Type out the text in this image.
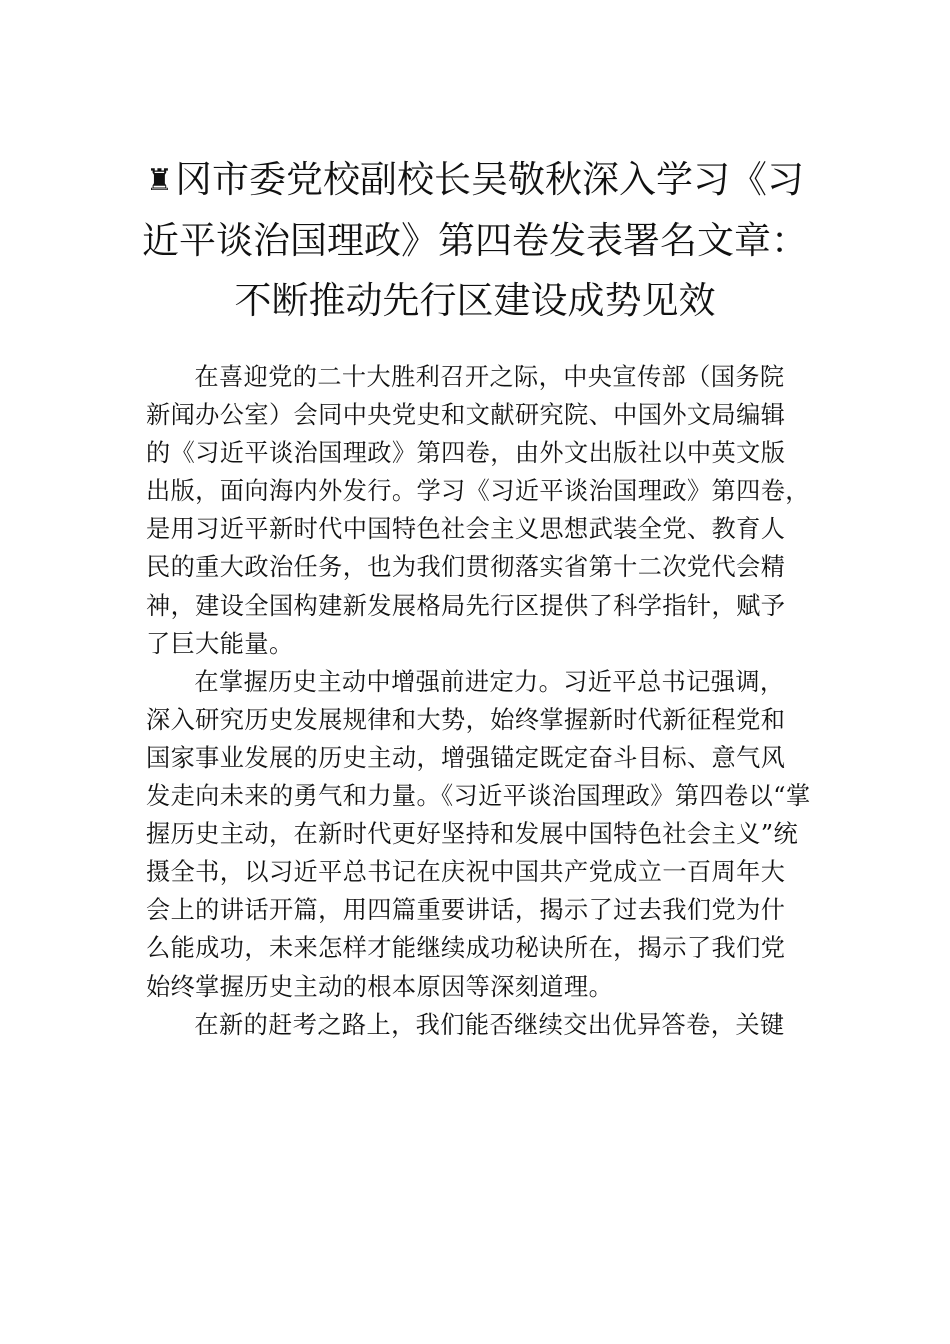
♜冈市委党校副校长吴敬秋深入学习《习
近平谈治国理政》第四卷发表署名文章：
不断推动先行区建设成势见效

在喜迎党的二十大胜利召开之际，中央宣传部（国务院
新闻办公室）会同中央党史和文献研究院、中国外文局编辑
的《习近平谈治国理政》第四卷，由外文出版社以中英文版
出版，面向海内外发行。学习《习近平谈治国理政》第四卷，
是用习近平新时代中国特色社会主义思想武装全党、教育人
民的重大政治任务，也为我们贯彻落实省第十二次党代会精
神，建设全国构建新发展格局先行区提供了科学指针，赋予
了巨大能量。

在掌握历史主动中增强前进定力。习近平总书记强调，
深入研究历史发展规律和大势，始终掌握新时代新征程党和
国家事业发展的历史主动，增强锚定既定奋斗目标、意气风
发走向未来的勇气和力量。《习近平谈治国理政》第四卷以“掌
握历史主动，在新时代更好坚持和发展中国特色社会主义”统
摄全书，以习近平总书记在庆祝中国共产党成立一百周年大
会上的讲话开篇，用四篇重要讲话，揭示了过去我们党为什
么能成功，未来怎样才能继续成功秘诀所在，揭示了我们党
始终掌握历史主动的根本原因等深刻道理。

在新的赶考之路上，我们能否继续交出优异答卷，关键
